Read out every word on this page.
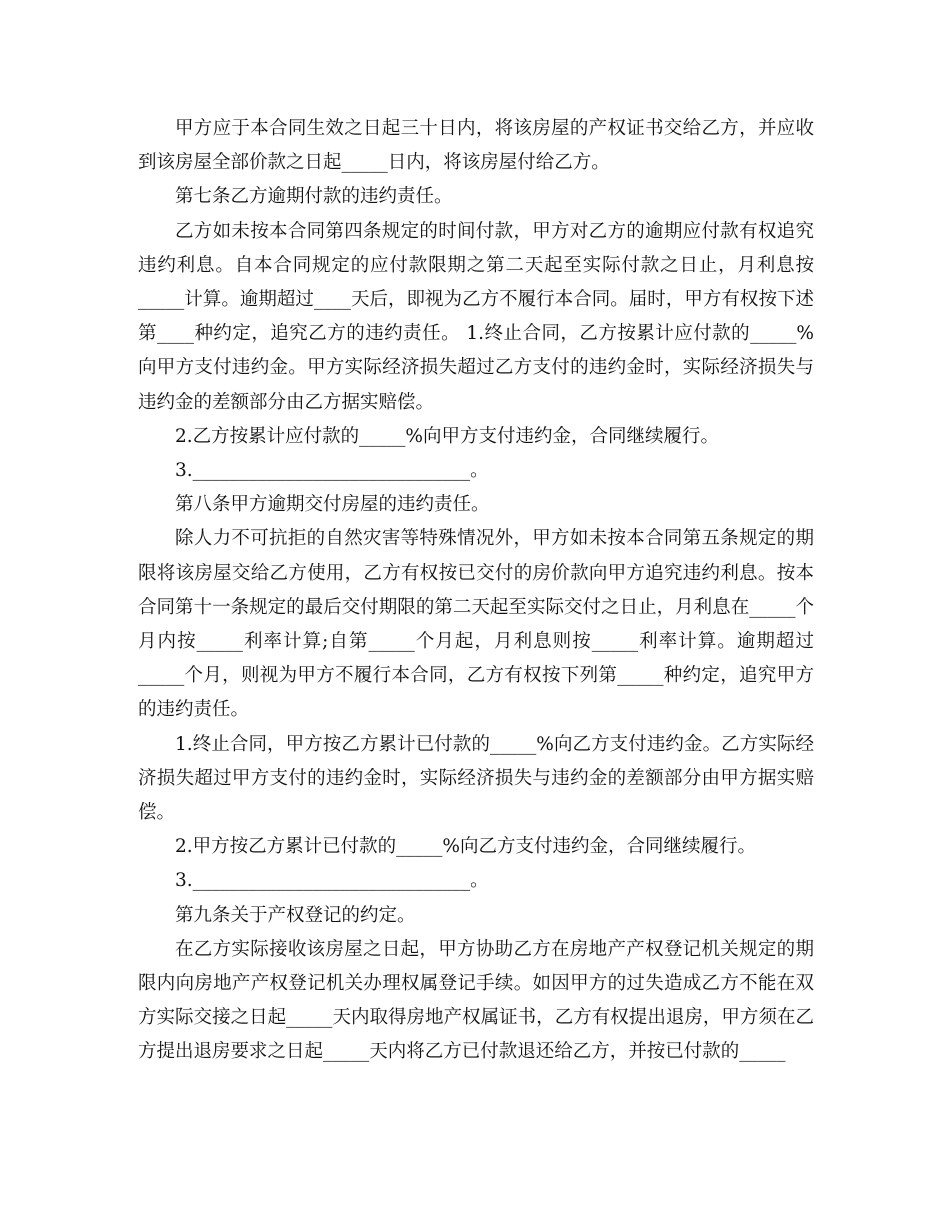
甲方应于本合同生效之日起三十日内，将该房屋的产权证书交给乙方，并应收到该房屋全部价款之日起_____日内，将该房屋付给乙方。

第七条乙方逾期付款的违约责任。

乙方如未按本合同第四条规定的时间付款，甲方对乙方的逾期应付款有权追究违约利息。自本合同规定的应付款限期之第二天起至实际付款之日止，月利息按_____计算。逾期超过____天后，即视为乙方不履行本合同。届时，甲方有权按下述第____种约定，追究乙方的违约责任。 1.终止合同，乙方按累计应付款的_____%向甲方支付违约金。甲方实际经济损失超过乙方支付的违约金时，实际经济损失与违约金的差额部分由乙方据实赔偿。

2.乙方按累计应付款的_____%向甲方支付违约金，合同继续履行。

3.______________________________。

第八条甲方逾期交付房屋的违约责任。

除人力不可抗拒的自然灾害等特殊情况外，甲方如未按本合同第五条规定的期限将该房屋交给乙方使用，乙方有权按已交付的房价款向甲方追究违约利息。按本合同第十一条规定的最后交付期限的第二天起至实际交付之日止，月利息在_____个月内按_____利率计算;自第_____个月起，月利息则按_____利率计算。逾期超过_____个月，则视为甲方不履行本合同，乙方有权按下列第_____种约定，追究甲方的违约责任。

1.终止合同，甲方按乙方累计已付款的_____%向乙方支付违约金。乙方实际经济损失超过甲方支付的违约金时，实际经济损失与违约金的差额部分由甲方据实赔偿。

2.甲方按乙方累计已付款的_____%向乙方支付违约金，合同继续履行。

3.______________________________。

第九条关于产权登记的约定。

在乙方实际接收该房屋之日起，甲方协助乙方在房地产产权登记机关规定的期限内向房地产产权登记机关办理权属登记手续。如因甲方的过失造成乙方不能在双方实际交接之日起_____天内取得房地产权属证书，乙方有权提出退房，甲方须在乙方提出退房要求之日起_____天内将乙方已付款退还给乙方，并按已付款的_____
